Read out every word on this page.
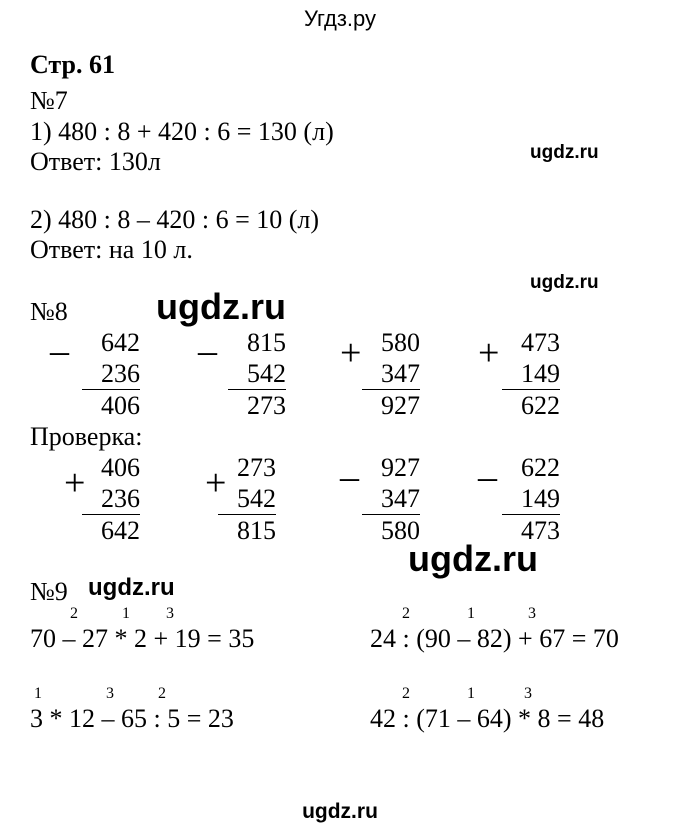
Угдз.ру
Стр. 61
№7
1) 480 : 8 + 420 : 6 = 130 (л)
Ответ: 130л	ugdz.ru
2) 480 : 8 – 420 : 6 = 10 (л)
Ответ: на 10 л.
ugdz.ru
№8 ugdz.ru
–	642
236
406
–	815
542
273
+ 580
347
927
+ 473
149
622
Проверка:
+ 406
236
642
+ 273
542
815
– 927
347
580
– 622
149
473
ugdz.ru
№9 ugdz.ru
2	1 3
70 – 27 * 2 + 19 = 35
2	1	3
24 : (90 – 82) + 67 = 70
1	3	2
3 * 12 – 65 : 5 = 23
2	1	3
42 : (71 – 64) * 8 = 48
ugdz.ru
